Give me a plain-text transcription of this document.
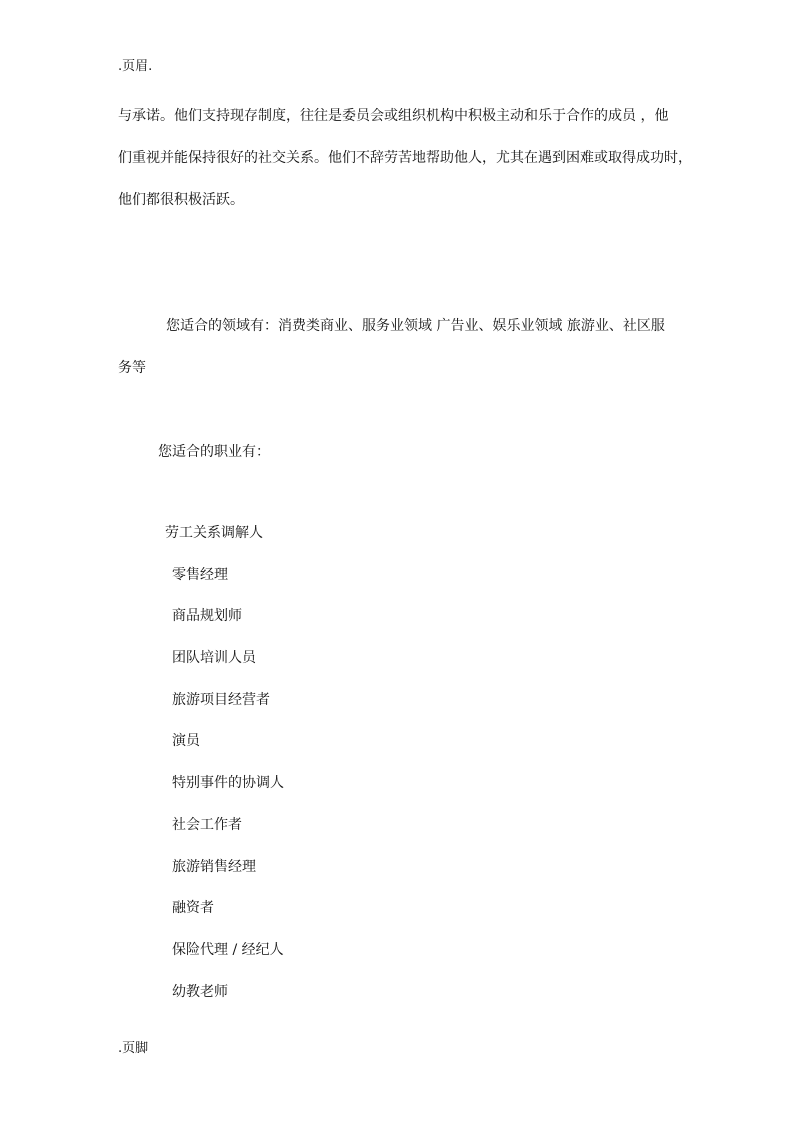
.页眉.
与承诺。他们支持现存制度，往往是委员会或组织机构中积极主动和乐于合作的成员 ，他
们重视并能保持很好的社交关系。他们不辞劳苦地帮助他人，尤其在遇到困难或取得成功时，
他们都很积极活跃。
您适合的领域有：消费类商业、服务业领域 广告业、娱乐业领域 旅游业、社区服
务等
您适合的职业有：
劳工关系调解人
零售经理
商品规划师
团队培训人员
旅游项目经营者
演员
特别事件的协调人
社会工作者
旅游销售经理
融资者
保险代理 / 经纪人
幼教老师
.页脚
